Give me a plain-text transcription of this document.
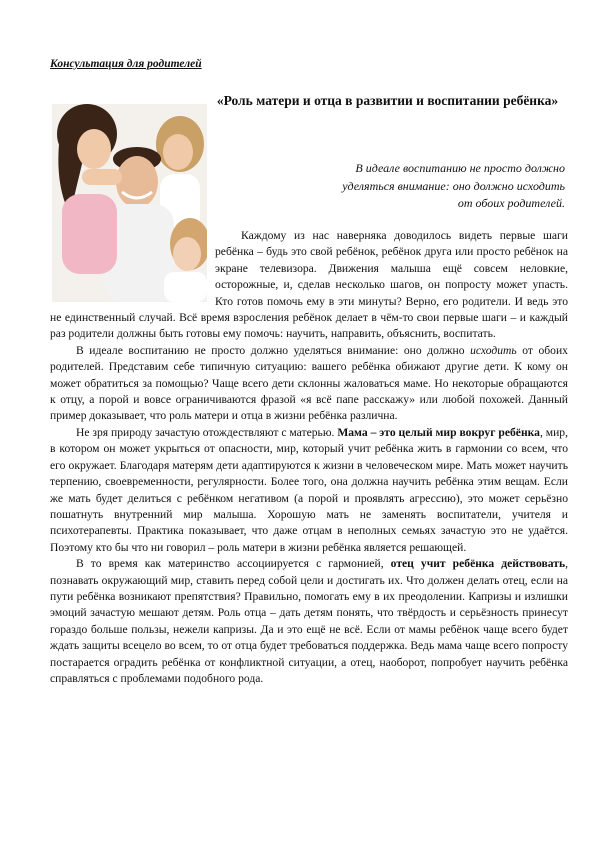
Консультация для родителей
«Роль матери и отца в развитии и воспитании ребёнка»
В идеале воспитанию не просто должно
уделяться внимание: оно должно исходить
от обоих родителей.

Каждому из нас наверняка доводилось видеть первые шаги ребёнка – будь это свой ребёнок, ребёнок друга или просто ребёнок на экране телевизора. Движения малыша ещё совсем неловкие, осторожные, и, сделав несколько шагов, он попросту может упасть. Кто готов помочь ему в эти минуты? Верно, его родители. И ведь это не единственный случай. Всё время взросления ребёнок делает в чём-то свои первые шаги – и каждый раз родители должны быть готовы ему помочь: научить, направить, объяснить, воспитать.

В идеале воспитанию не просто должно уделяться внимание: оно должно исходить от обоих родителей. Представим себе типичную ситуацию: вашего ребёнка обижают другие дети. К кому он может обратиться за помощью? Чаще всего дети склонны жаловаться маме. Но некоторые обращаются к отцу, а порой и вовсе ограничиваются фразой «я всё папе расскажу» или любой похожей. Данный пример доказывает, что роль матери и отца в жизни ребёнка различна.

Не зря природу зачастую отождествляют с матерью. Мама – это целый мир вокруг ребёнка, мир, в котором он может укрыться от опасности, мир, который учит ребёнка жить в гармонии со всем, что его окружает. Благодаря матерям дети адаптируются к жизни в человеческом мире. Мать может научить терпению, своевременности, регулярности. Более того, она должна научить ребёнка этим вещам. Если же мать будет делиться с ребёнком негативом (а порой и проявлять агрессию), это может серьёзно пошатнуть внутренний мир малыша. Хорошую мать не заменять воспитатели, учителя и психотерапевты. Практика показывает, что даже отцам в неполных семьях зачастую это не удаётся. Поэтому кто бы что ни говорил – роль матери в жизни ребёнка является решающей.

В то время как материнство ассоциируется с гармонией, отец учит ребёнка действовать, познавать окружающий мир, ставить перед собой цели и достигать их. Что должен делать отец, если на пути ребёнка возникают препятствия? Правильно, помогать ему в их преодолении. Капризы и излишки эмоций зачастую мешают детям. Роль отца – дать детям понять, что твёрдость и серьёзность принесут гораздо больше пользы, нежели капризы. Да и это ещё не всё. Если от мамы ребёнок чаще всего будет ждать защиты всецело во всем, то от отца будет требоваться поддержка. Ведь мама чаще всего попросту постарается оградить ребёнка от конфликтной ситуации, а отец, наоборот, попробует научить ребёнка справляться с проблемами подобного рода.
